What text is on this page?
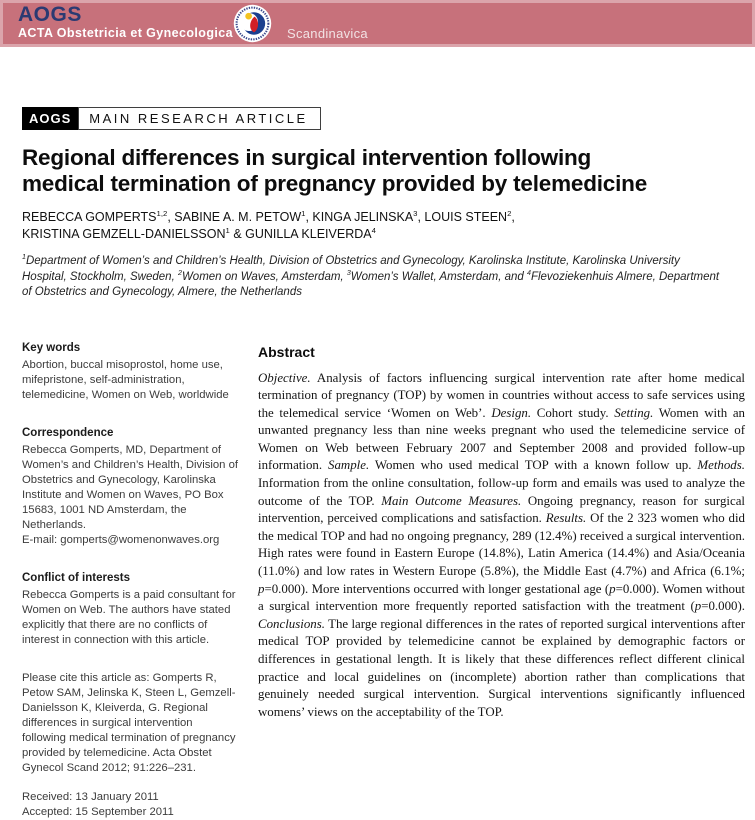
AOGS
ACTA Obstetricia et Gynecologica	Scandinavica
AOGS	MAIN RESEARCH ARTICLE
Regional differences in surgical intervention following
medical termination of pregnancy provided by telemedicine
REBECCA GOMPERTS$^{1,2}$, SABINE A. M. PETOW$^1$, KINGA JELINSKA$^3$, LOUIS STEEN$^2$,
KRISTINA GEMZELL-DANIELSSON$^1$ & GUNILLA KLEIVERDA$^4$
$^1$Department of Women’s and Children’s Health, Division of Obstetrics and Gynecology, Karolinska Institute, Karolinska University Hospital, Stockholm, Sweden, $^2$Women on Waves, Amsterdam, $^3$Women’s Wallet, Amsterdam, and $^4$Flevoziekenhuis Almere, Department of Obstetrics and Gynecology, Almere, the Netherlands
Key words
Abortion, buccal misoprostol, home use, mifepristone, self-administration, telemedicine, Women on Web, worldwide
Correspondence
Rebecca Gomperts, MD, Department of Women’s and Children’s Health, Division of Obstetrics and Gynecology, Karolinska Institute and Women on Waves, PO Box 15683, 1001 ND Amsterdam, the Netherlands.
E-mail: gomperts@womenonwaves.org
Conflict of interests
Rebecca Gomperts is a paid consultant for Women on Web. The authors have stated explicitly that there are no conflicts of interest in connection with this article.
Please cite this article as: Gomperts R, Petow SAM, Jelinska K, Steen L, Gemzell-Danielsson K, Kleiverda, G. Regional differences in surgical intervention following medical termination of pregnancy provided by telemedicine. Acta Obstet Gynecol Scand 2012; 91:226–231.
Received: 13 January 2011
Accepted: 15 September 2011
Abstract
Objective. Analysis of factors influencing surgical intervention rate after home medical termination of pregnancy (TOP) by women in countries without access to safe services using the telemedical service ‘Women on Web’. Design. Cohort study. Setting. Women with an unwanted pregnancy less than nine weeks pregnant who used the telemedicine service of Women on Web between February 2007 and September 2008 and provided follow-up information. Sample. Women who used medical TOP with a known follow up. Methods. Information from the online consultation, follow-up form and emails was used to analyze the outcome of the TOP. Main Outcome Measures. Ongoing pregnancy, reason for surgical intervention, perceived complications and satisfaction. Results. Of the 2 323 women who did the medical TOP and had no ongoing pregnancy, 289 (12.4%) received a surgical intervention. High rates were found in Eastern Europe (14.8%), Latin America (14.4%) and Asia/Oceania (11.0%) and low rates in Western Europe (5.8%), the Middle East (4.7%) and Africa (6.1%; p=0.000). More interventions occurred with longer gestational age (p=0.000). Women without a surgical intervention more frequently reported satisfaction with the treatment (p=0.000). Conclusions. The large regional differences in the rates of reported surgical interventions after medical TOP provided by telemedicine cannot be explained by demographic factors or differences in gestational length. It is likely that these differences reflect different clinical practice and local guidelines on (incomplete) abortion rather than complications that genuinely needed surgical intervention. Surgical interventions significantly influenced womens’ views on the acceptability of the TOP.
